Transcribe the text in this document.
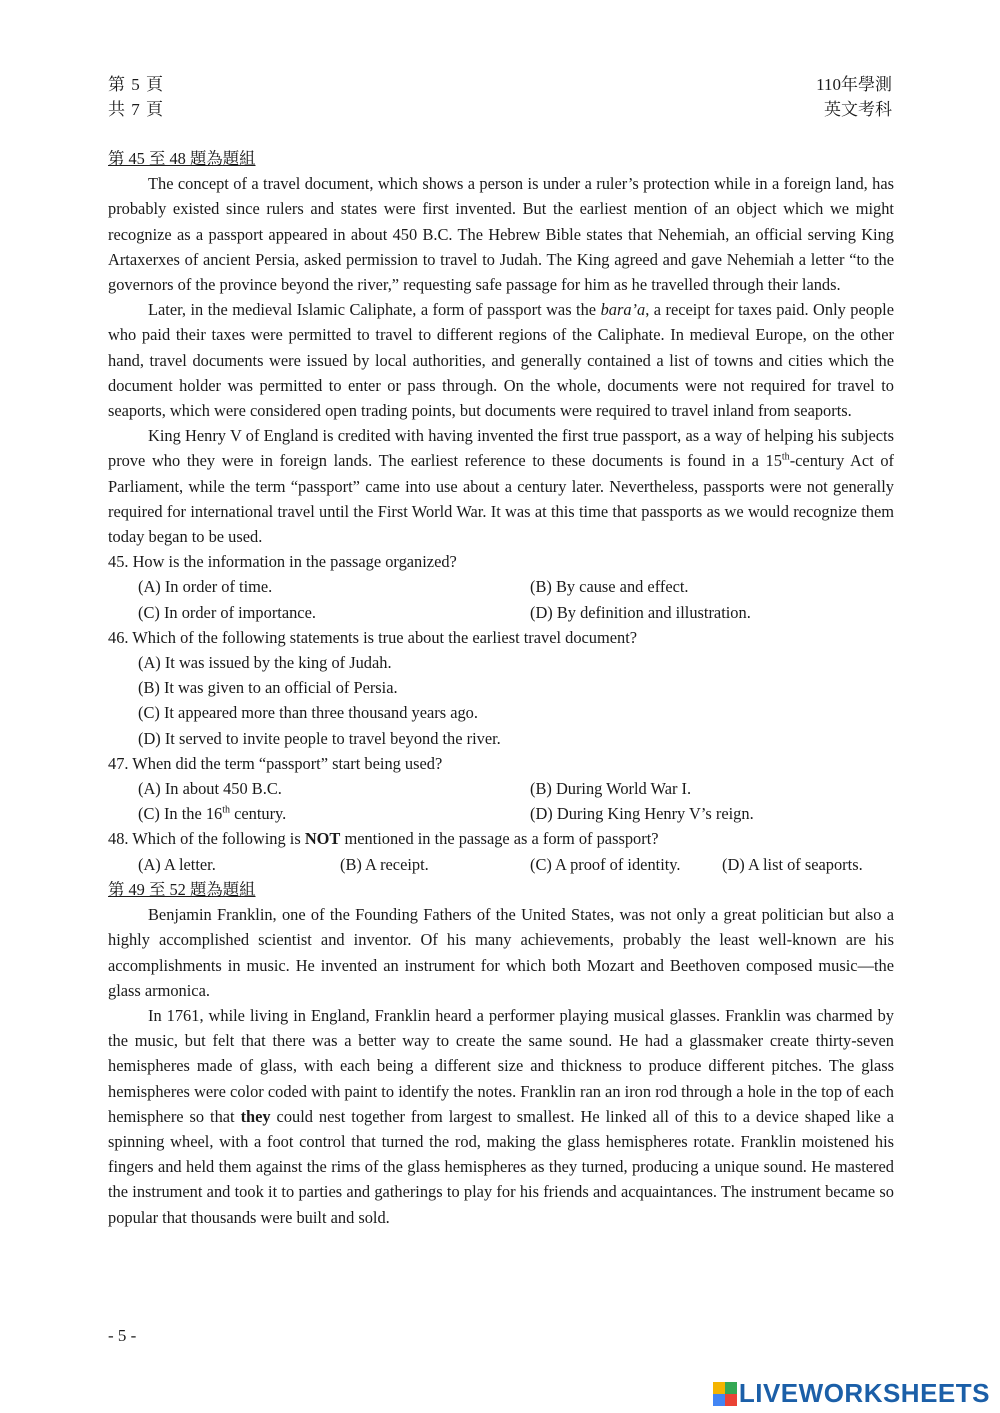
第 5 頁
共 7 頁
110年學測
英文考科
第 45 至 48 題為題組
The concept of a travel document, which shows a person is under a ruler’s protection while in a foreign land, has probably existed since rulers and states were first invented. But the earliest mention of an object which we might recognize as a passport appeared in about 450 B.C. The Hebrew Bible states that Nehemiah, an official serving King Artaxerxes of ancient Persia, asked permission to travel to Judah. The King agreed and gave Nehemiah a letter “to the governors of the province beyond the river,” requesting safe passage for him as he travelled through their lands.
Later, in the medieval Islamic Caliphate, a form of passport was the bara’a, a receipt for taxes paid. Only people who paid their taxes were permitted to travel to different regions of the Caliphate. In medieval Europe, on the other hand, travel documents were issued by local authorities, and generally contained a list of towns and cities which the document holder was permitted to enter or pass through. On the whole, documents were not required for travel to seaports, which were considered open trading points, but documents were required to travel inland from seaports.
King Henry V of England is credited with having invented the first true passport, as a way of helping his subjects prove who they were in foreign lands. The earliest reference to these documents is found in a 15th-century Act of Parliament, while the term “passport” came into use about a century later. Nevertheless, passports were not generally required for international travel until the First World War. It was at this time that passports as we would recognize them today began to be used.
45. How is the information in the passage organized?
(A) In order of time.	(B) By cause and effect.
(C) In order of importance.	(D) By definition and illustration.
46. Which of the following statements is true about the earliest travel document?
(A) It was issued by the king of Judah.
(B) It was given to an official of Persia.
(C) It appeared more than three thousand years ago.
(D) It served to invite people to travel beyond the river.
47. When did the term “passport” start being used?
(A) In about 450 B.C.	(B) During World War I.
(C) In the 16th century.	(D) During King Henry V’s reign.
48. Which of the following is NOT mentioned in the passage as a form of passport?
(A) A letter.	(B) A receipt.	(C) A proof of identity.	(D) A list of seaports.
第 49 至 52 題為題組
Benjamin Franklin, one of the Founding Fathers of the United States, was not only a great politician but also a highly accomplished scientist and inventor. Of his many achievements, probably the least well-known are his accomplishments in music. He invented an instrument for which both Mozart and Beethoven composed music—the glass armonica.
In 1761, while living in England, Franklin heard a performer playing musical glasses. Franklin was charmed by the music, but felt that there was a better way to create the same sound. He had a glassmaker create thirty-seven hemispheres made of glass, with each being a different size and thickness to produce different pitches. The glass hemispheres were color coded with paint to identify the notes. Franklin ran an iron rod through a hole in the top of each hemisphere so that they could nest together from largest to smallest. He linked all of this to a device shaped like a spinning wheel, with a foot control that turned the rod, making the glass hemispheres rotate. Franklin moistened his fingers and held them against the rims of the glass hemispheres as they turned, producing a unique sound. He mastered the instrument and took it to parties and gatherings to play for his friends and acquaintances. The instrument became so popular that thousands were built and sold.
- 5 -
LIVEWORKSHEETS
